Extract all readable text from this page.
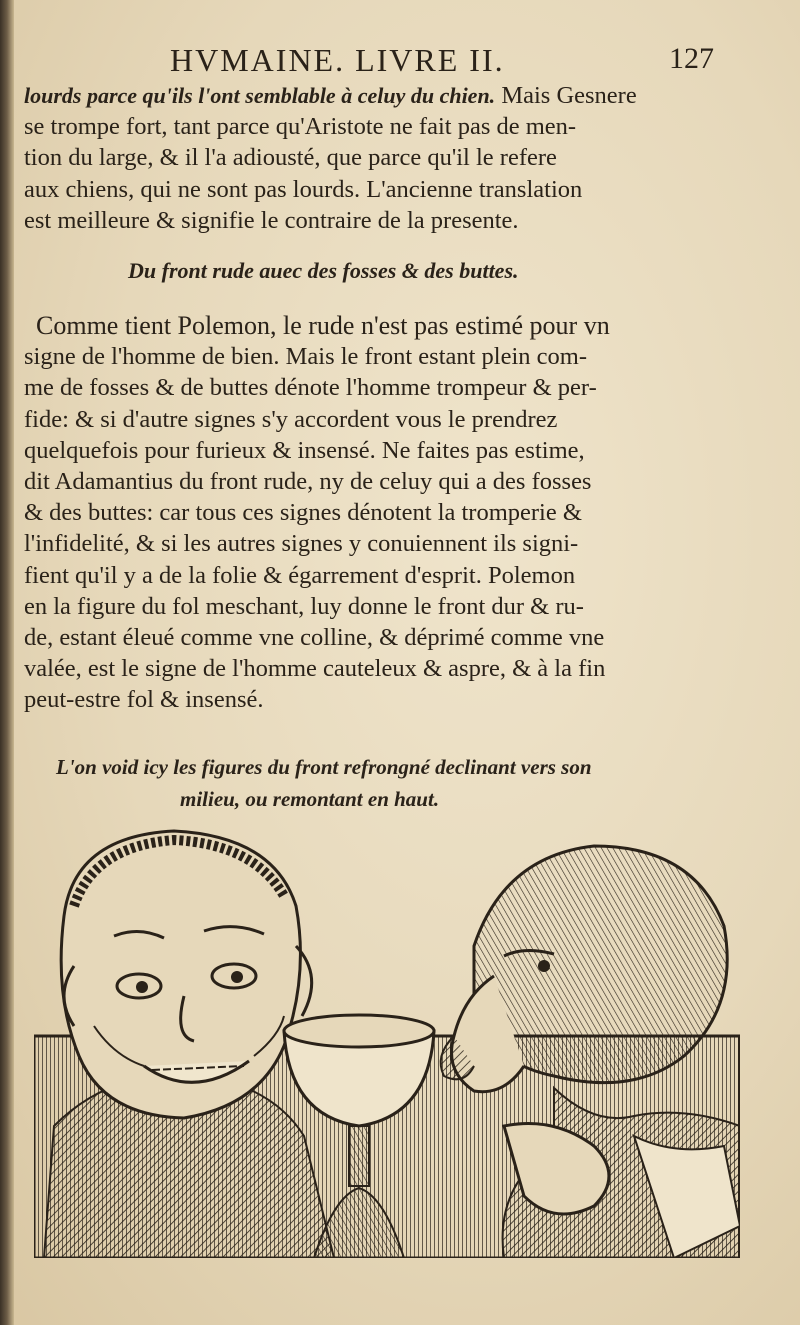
HVMAINE. LIVRE II.	127
lourds parce qu'ils l'ont semblable à celuy du chien. Mais Gesnere
se trompe fort, tant parce qu'Aristote ne fait pas de men-
tion du large, & il l'a adiousté, que parce qu'il le refere
aux chiens, qui ne sont pas lourds. L'ancienne translation
est meilleure & signifie le contraire de la presente.
Du front rude auec des fosses & des buttes.
Comme tient Polemon, le rude n'est pas estimé pour vn
signe de l'homme de bien. Mais le front estant plein com-
me de fosses & de buttes dénote l'homme trompeur & per-
fide: & si d'autre signes s'y accordent vous le prendrez
quelquefois pour furieux & insensé. Ne faites pas estime,
dit Adamantius du front rude, ny de celuy qui a des fosses
& des buttes: car tous ces signes dénotent la tromperie &
l'infidelité, & si les autres signes y conuiennent ils signi-
fient qu'il y a de la folie & égarrement d'esprit. Polemon
en la figure du fol meschant, luy donne le front dur & ru-
de, estant éleué comme vne colline, & déprimé comme vne
valée, est le signe de l'homme cauteleux & aspre, & à la fin
peut-estre fol & insensé.
L'on void icy les figures du front refrongné declinant vers son
milieu, ou remontant en haut.
